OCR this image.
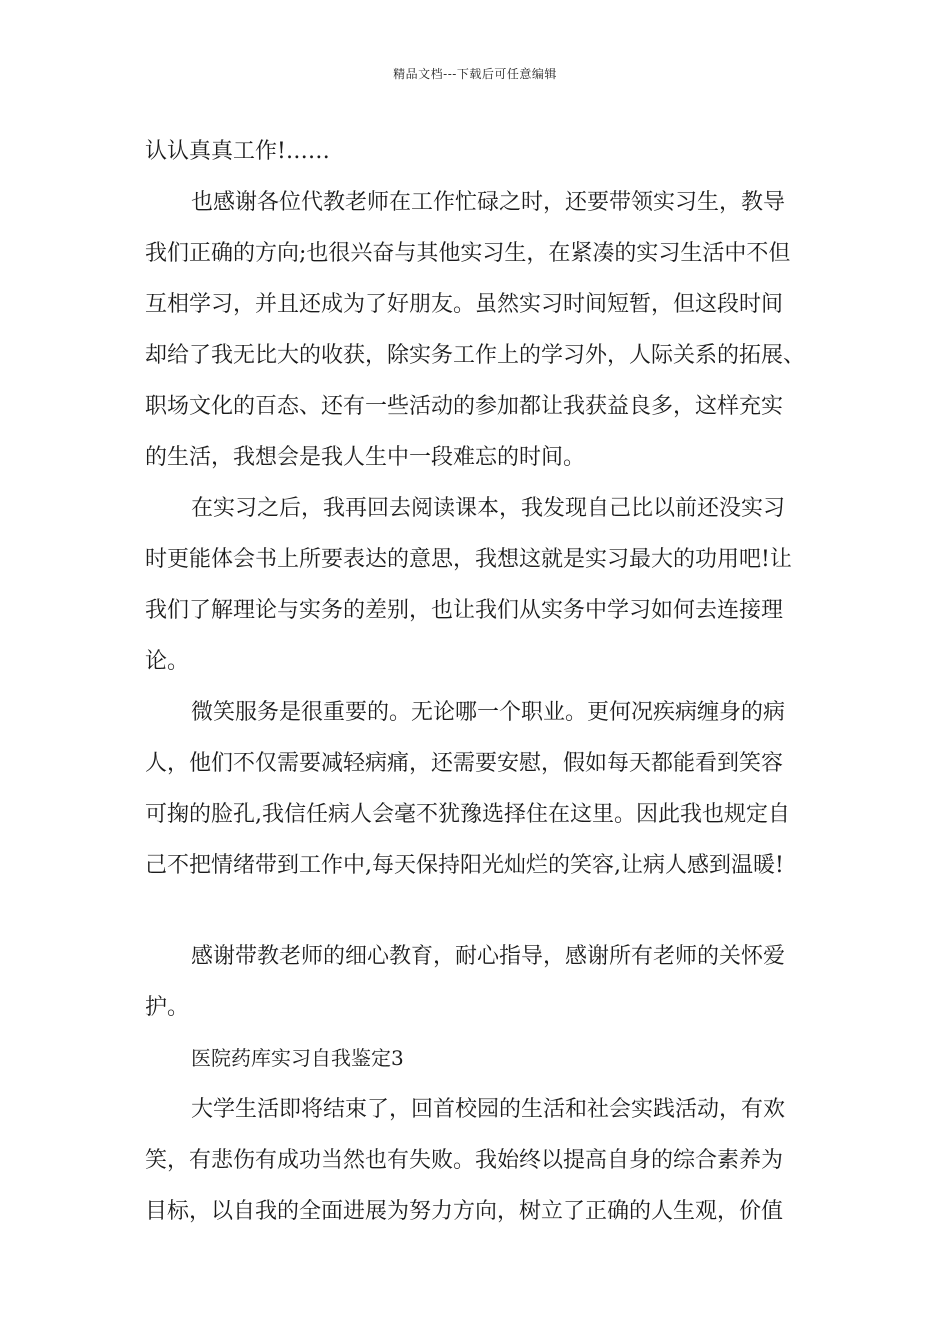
精品文档---下载后可任意编辑
认认真真工作!……
也感谢各位代教老师在工作忙碌之时，还要带领实习生，教导
我们正确的方向;也很兴奋与其他实习生，在紧凑的实习生活中不但
互相学习，并且还成为了好朋友。虽然实习时间短暂，但这段时间
却给了我无比大的收获，除实务工作上的学习外，人际关系的拓展、
职场文化的百态、还有一些活动的参加都让我获益良多，这样充实
的生活，我想会是我人生中一段难忘的时间。
在实习之后，我再回去阅读课本，我发现自己比以前还没实习
时更能体会书上所要表达的意思，我想这就是实习最大的功用吧!让
我们了解理论与实务的差别，也让我们从实务中学习如何去连接理
论。
微笑服务是很重要的。无论哪一个职业。更何况疾病缠身的病
人，他们不仅需要减轻病痛，还需要安慰，假如每天都能看到笑容
可掬的脸孔,我信任病人会毫不犹豫选择住在这里。因此我也规定自
己不把情绪带到工作中,每天保持阳光灿烂的笑容,让病人感到温暖!
感谢带教老师的细心教育，耐心指导，感谢所有老师的关怀爱
护。
医院药库实习自我鉴定3
大学生活即将结束了，回首校园的生活和社会实践活动，有欢
笑，有悲伤有成功当然也有失败。我始终以提高自身的综合素养为
目标，以自我的全面进展为努力方向，树立了正确的人生观，价值
